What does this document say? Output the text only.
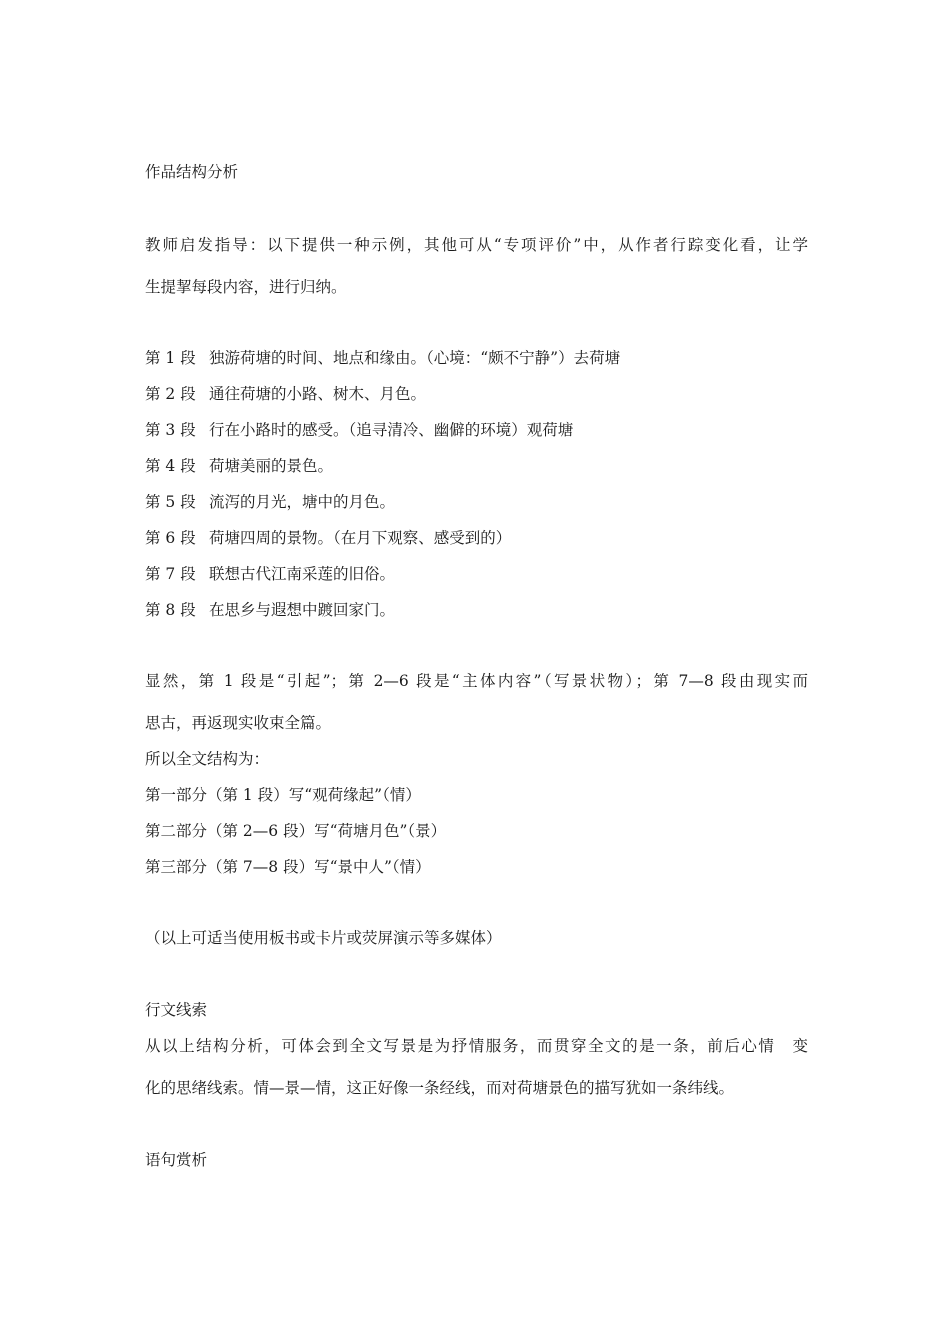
作品结构分析
教师启发指导：以下提供一种示例，其他可从“专项评价”中，从作者行踪变化看，让学
生提挈每段内容，进行归纳。
第 1 段 独游荷塘的时间、地点和缘由。（心境：“颇不宁静”）去荷塘
第 2 段 通往荷塘的小路、树木、月色。
第 3 段 行在小路时的感受。（追寻清冷、幽僻的环境）观荷塘
第 4 段 荷塘美丽的景色。
第 5 段 流泻的月光，塘中的月色。
第 6 段 荷塘四周的景物。（在月下观察、感受到的）
第 7 段 联想古代江南采莲的旧俗。
第 8 段 在思乡与遐想中踱回家门。
显然，第 1 段是“引起”；第 2—6 段是“主体内容”（写景状物）；第 7—8 段由现实而
思古，再返现实收束全篇。
所以全文结构为：
第一部分（第 1 段）写“观荷缘起”（情）
第二部分（第 2—6 段）写“荷塘月色”（景）
第三部分（第 7—8 段）写“景中人”（情）
（以上可适当使用板书或卡片或荧屏演示等多媒体）
行文线索
从以上结构分析，可体会到全文写景是为抒情服务，而贯穿全文的是一条，前后心情　变
化的思绪线索。情—景—情，这正好像一条经线，而对荷塘景色的描写犹如一条纬线。
语句赏析
